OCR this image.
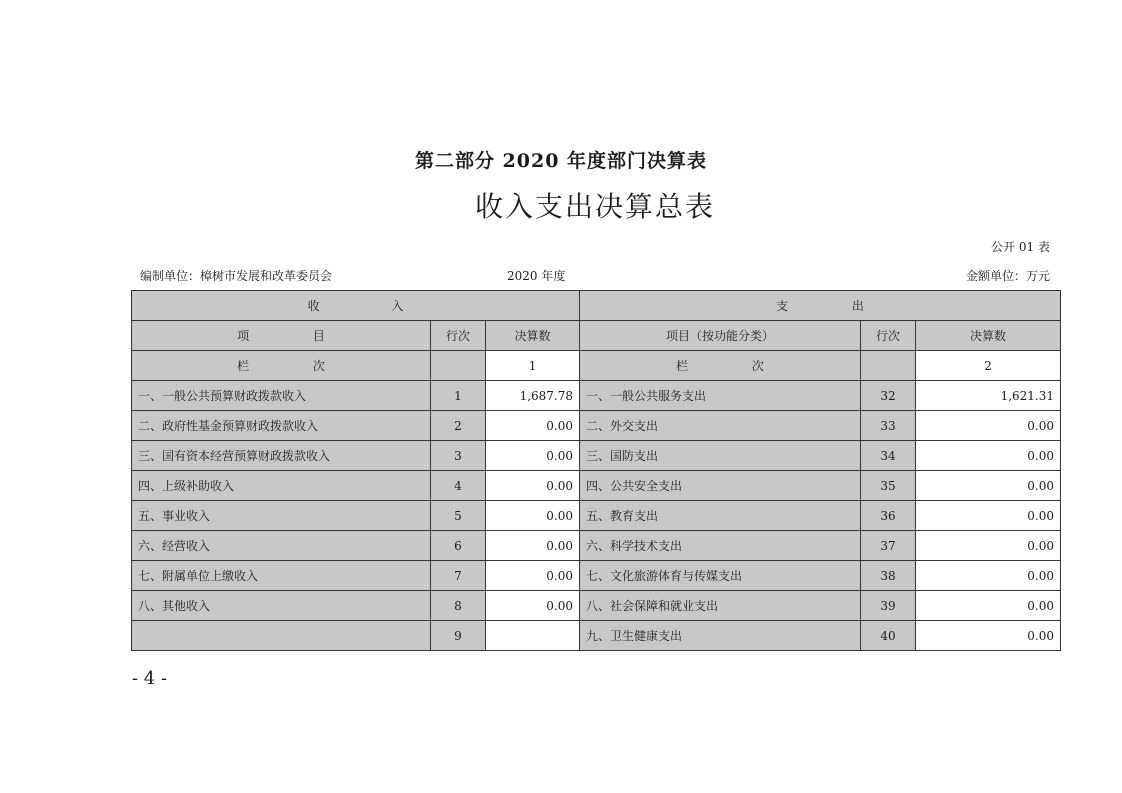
第二部分 2020 年度部门决算表
收入支出决算总表
公开 01 表
编制单位：樟树市发展和改革委员会	2020 年度	金额单位：万元
收 入			支 出		
项 目	行次	决算数	项目（按功能分类）	行次	决算数
栏 次		1	栏 次		2
一、一般公共预算财政拨款收入	1	1,687.78	一、一般公共服务支出	32	1,621.31
二、政府性基金预算财政拨款收入	2	0.00	二、外交支出	33	0.00
三、国有资本经营预算财政拨款收入	3	0.00	三、国防支出	34	0.00
四、上级补助收入	4	0.00	四、公共安全支出	35	0.00
五、事业收入	5	0.00	五、教育支出	36	0.00
六、经营收入	6	0.00	六、科学技术支出	37	0.00
七、附属单位上缴收入	7	0.00	七、文化旅游体育与传媒支出	38	0.00
八、其他收入	8	0.00	八、社会保障和就业支出	39	0.00
	9		九、卫生健康支出	40	0.00
- 4 -
